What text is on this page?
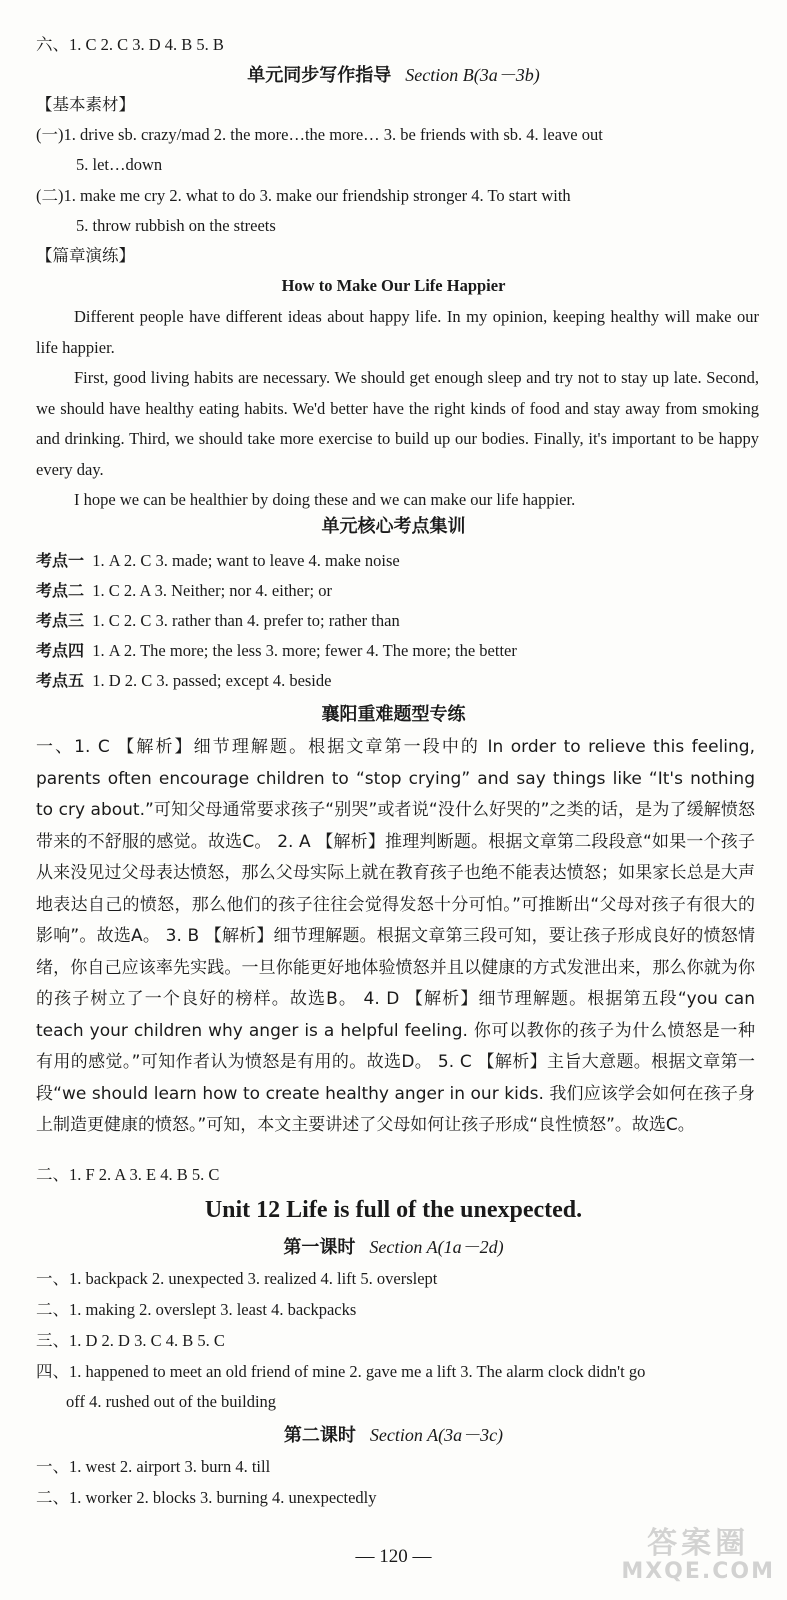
六、1. C 2. C 3. D 4. B 5. B
单元同步写作指导 Section B(3a－3b)
【基本素材】
(一)1. drive sb. crazy/mad 2. the more…the more… 3. be friends with sb. 4. leave out
5. let…down
(二)1. make me cry 2. what to do 3. make our friendship stronger 4. To start with
5. throw rubbish on the streets
【篇章演练】
How to Make Our Life Happier

Different people have different ideas about happy life. In my opinion, keeping healthy will make our life happier.

First, good living habits are necessary. We should get enough sleep and try not to stay up late. Second, we should have healthy eating habits. We'd better have the right kinds of food and stay away from smoking and drinking. Third, we should take more exercise to build up our bodies. Finally, it's important to be happy every day.

I hope we can be healthier by doing these and we can make our life happier.

单元核心考点集训
考点一 1. A 2. C 3. made; want to leave 4. make noise
考点二 1. C 2. A 3. Neither; nor 4. either; or
考点三 1. C 2. C 3. rather than 4. prefer to; rather than
考点四 1. A 2. The more; the less 3. more; fewer 4. The more; the better
考点五 1. D 2. C 3. passed; except 4. beside
襄阳重难题型专练
一、1. C 【解析】细节理解题。根据文章第一段中的 In order to relieve this feeling, parents often encourage children to “stop crying” and say things like “It's nothing to cry about.”可知父母通常要求孩子“别哭”或者说“没什么好哭的”之类的话，是为了缓解愤怒带来的不舒服的感觉。故选C。 2. A 【解析】推理判断题。根据文章第二段段意“如果一个孩子从来没见过父母表达愤怒，那么父母实际上就在教育孩子也绝不能表达愤怒；如果家长总是大声地表达自己的愤怒，那么他们的孩子往往会觉得发怒十分可怕。”可推断出“父母对孩子有很大的影响”。故选A。 3. B 【解析】细节理解题。根据文章第三段可知，要让孩子形成良好的愤怒情绪，你自己应该率先实践。一旦你能更好地体验愤怒并且以健康的方式发泄出来，那么你就为你的孩子树立了一个良好的榜样。故选B。 4. D 【解析】细节理解题。根据第五段“you can teach your children why anger is a helpful feeling. 你可以教你的孩子为什么愤怒是一种有用的感觉。”可知作者认为愤怒是有用的。故选D。 5. C 【解析】主旨大意题。根据文章第一段“we should learn how to create healthy anger in our kids. 我们应该学会如何在孩子身上制造更健康的愤怒。”可知，本文主要讲述了父母如何让孩子形成“良性愤怒”。故选C。
二、1. F 2. A 3. E 4. B 5. C
Unit 12 Life is full of the unexpected.
第一课时 Section A(1a－2d)
一、1. backpack 2. unexpected 3. realized 4. lift 5. overslept
二、1. making 2. overslept 3. least 4. backpacks
三、1. D 2. D 3. C 4. B 5. C
四、1. happened to meet an old friend of mine 2. gave me a lift 3. The alarm clock didn't go
off 4. rushed out of the building
第二课时 Section A(3a－3c)
一、1. west 2. airport 3. burn 4. till
二、1. worker 2. blocks 3. burning 4. unexpectedly
— 120 —	答案圈
MXQE.COM
